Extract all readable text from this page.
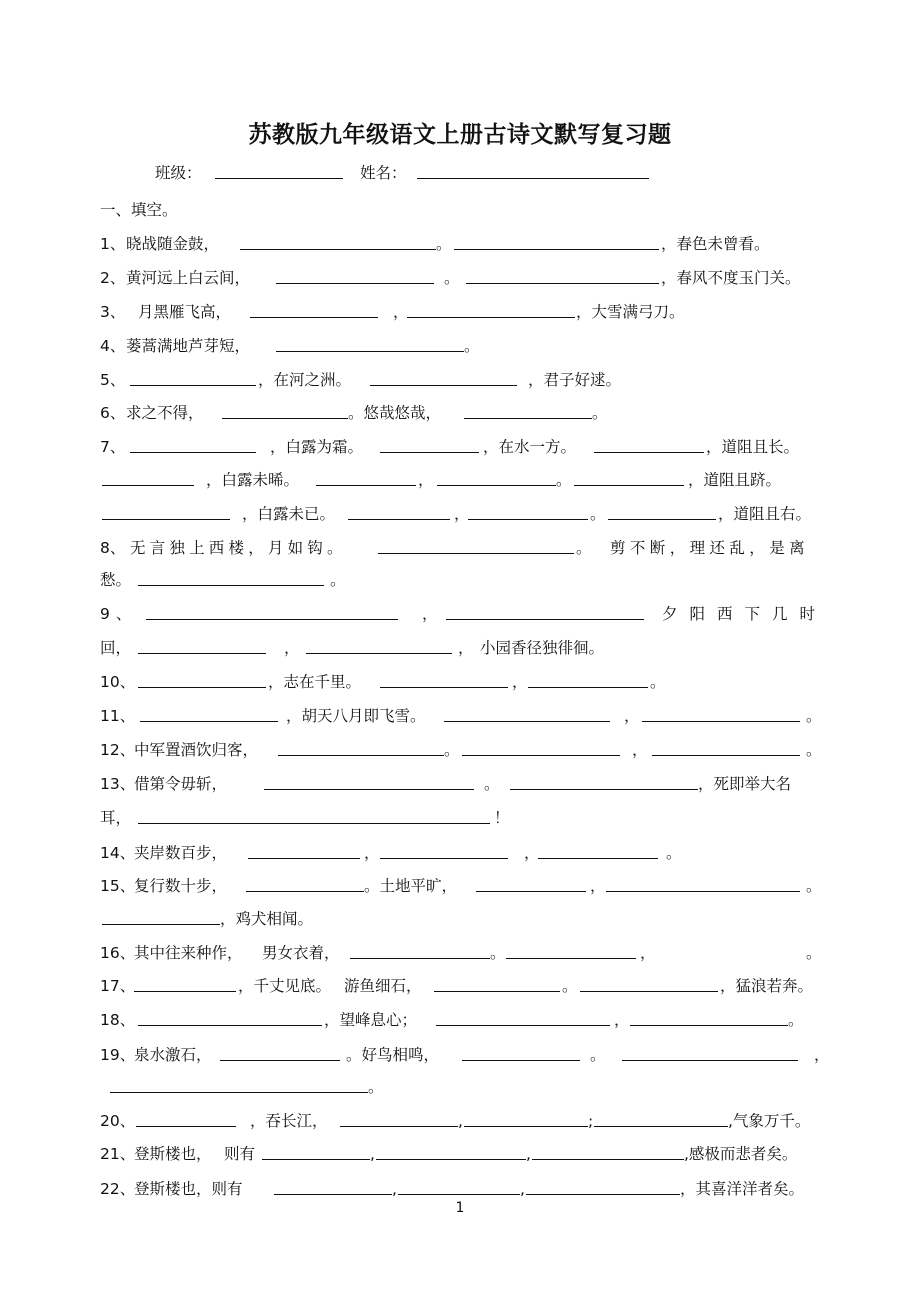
苏教版九年级语文上册古诗文默写复习题
班级：	姓名：
一、填空。
1、 晓战随金鼓，	。	，春色未曾看。
2、 黄河远上白云间，	。	，春风不度玉门关。
3、 月黑雁飞高，	，	，大雪满弓刀。
4、 蒌蒿满地芦芽短，	。
5、	，在河之洲。	，君子好逑。
6、 求之不得，	。悠哉悠哉，	。
7、	，白露为霜。	，在水一方。	，道阻且长。
，白露未晞。	，	。	，道阻且跻。
，白露未已。	，	。	，道阻且右。
8、 无言独上西楼，月如钩。	。 剪不断，理还乱，是离
愁。	。
9、	，	夕阳西下几时
回，	，	， 小园香径独徘徊。
10、	，志在千里。	，	。
11、	，胡天八月即飞雪。	，	。
12、
中军置酒饮归客，	。	，	。
13、
借第令毋斩，	。	，死即举大名
耳，	！
14、
夹岸数百步，	，	，	。
15、
复行数十步，	。土地平旷，	，	。
，鸡犬相闻。
16、
其中往来种作， 男女衣着，	。	，	。
17、	，千丈见底。 游鱼细石，	。	，猛浪若奔。
18、	，望峰息心；	，	。
19、
泉水激石，	。好鸟相鸣，	。	，
。
20、	，吞长江，	,	;	,气象万千。
21、
登斯楼也， 则有	,	,	,感极而悲者矣。
22、
登斯楼也，则有	,	,	，其喜洋洋者矣。
1
